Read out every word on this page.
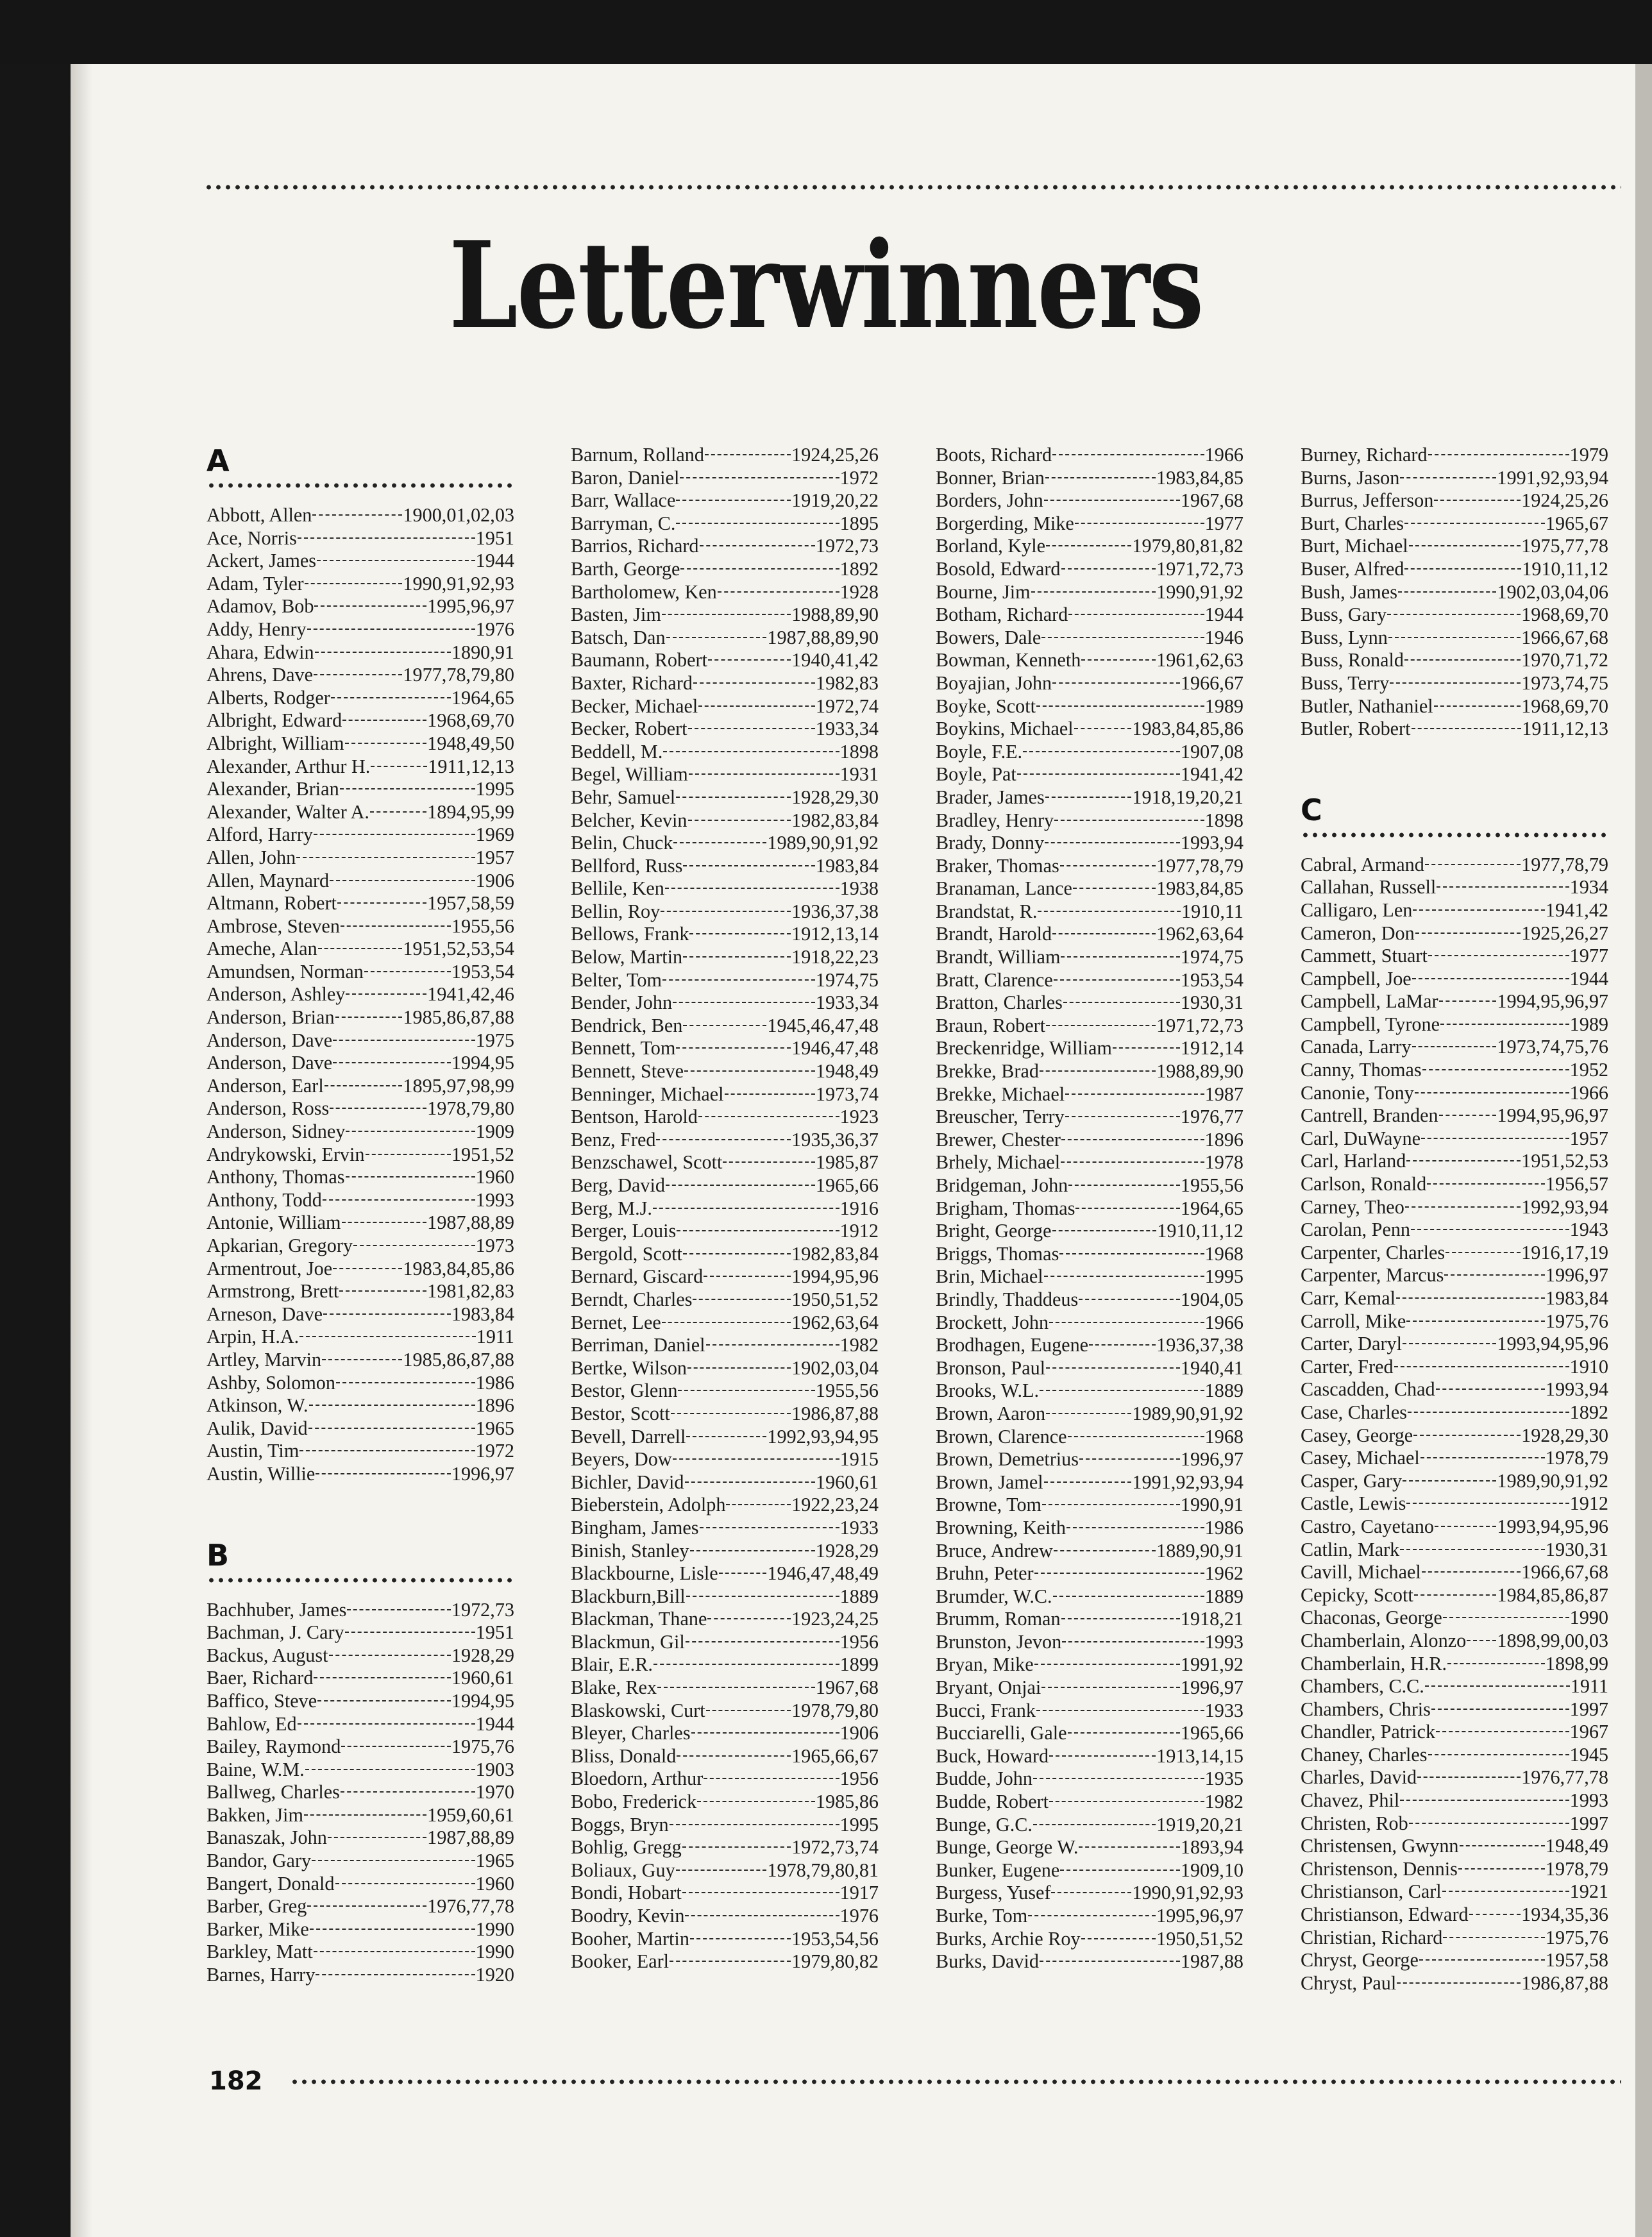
Letterwinners
A
Abbott, Allen	1900,01,02,03
Ace, Norris	1951
Ackert, James	1944
Adam, Tyler	1990,91,92,93
Adamov, Bob	1995,96,97
Addy, Henry	1976
Ahara, Edwin	1890,91
Ahrens, Dave	1977,78,79,80
Alberts, Rodger	1964,65
Albright, Edward	1968,69,70
Albright, William	1948,49,50
Alexander, Arthur H.	1911,12,13
Alexander, Brian	1995
Alexander, Walter A.	1894,95,99
Alford, Harry	1969
Allen, John	1957
Allen, Maynard	1906
Altmann, Robert	1957,58,59
Ambrose, Steven	1955,56
Ameche, Alan	1951,52,53,54
Amundsen, Norman	1953,54
Anderson, Ashley	1941,42,46
Anderson, Brian	1985,86,87,88
Anderson, Dave	1975
Anderson, Dave	1994,95
Anderson, Earl	1895,97,98,99
Anderson, Ross	1978,79,80
Anderson, Sidney	1909
Andrykowski, Ervin	1951,52
Anthony, Thomas	1960
Anthony, Todd	1993
Antonie, William	1987,88,89
Apkarian, Gregory	1973
Armentrout, Joe	1983,84,85,86
Armstrong, Brett	1981,82,83
Arneson, Dave	1983,84
Arpin, H.A.	1911
Artley, Marvin	1985,86,87,88
Ashby, Solomon	1986
Atkinson, W.	1896
Aulik, David	1965
Austin, Tim	1972
Austin, Willie	1996,97
B
Bachhuber, James	1972,73
Bachman, J. Cary	1951
Backus, August	1928,29
Baer, Richard	1960,61
Baffico, Steve	1994,95
Bahlow, Ed	1944
Bailey, Raymond	1975,76
Baine, W.M.	1903
Ballweg, Charles	1970
Bakken, Jim	1959,60,61
Banaszak, John	1987,88,89
Bandor, Gary	1965
Bangert, Donald	1960
Barber, Greg	1976,77,78
Barker, Mike	1990
Barkley, Matt	1990
Barnes, Harry	1920
Barnum, Rolland	1924,25,26
Baron, Daniel	1972
Barr, Wallace	1919,20,22
Barryman, C.	1895
Barrios, Richard	1972,73
Barth, George	1892
Bartholomew, Ken	1928
Basten, Jim	1988,89,90
Batsch, Dan	1987,88,89,90
Baumann, Robert	1940,41,42
Baxter, Richard	1982,83
Becker, Michael	1972,74
Becker, Robert	1933,34
Beddell, M.	1898
Begel, William	1931
Behr, Samuel	1928,29,30
Belcher, Kevin	1982,83,84
Belin, Chuck	1989,90,91,92
Bellford, Russ	1983,84
Bellile, Ken	1938
Bellin, Roy	1936,37,38
Bellows, Frank	1912,13,14
Below, Martin	1918,22,23
Belter, Tom	1974,75
Bender, John	1933,34
Bendrick, Ben	1945,46,47,48
Bennett, Tom	1946,47,48
Bennett, Steve	1948,49
Benninger, Michael	1973,74
Bentson, Harold	1923
Benz, Fred	1935,36,37
Benzschawel, Scott	1985,87
Berg, David	1965,66
Berg, M.J.	1916
Berger, Louis	1912
Bergold, Scott	1982,83,84
Bernard, Giscard	1994,95,96
Berndt, Charles	1950,51,52
Bernet, Lee	1962,63,64
Berriman, Daniel	1982
Bertke, Wilson	1902,03,04
Bestor, Glenn	1955,56
Bestor, Scott	1986,87,88
Bevell, Darrell	1992,93,94,95
Beyers, Dow	1915
Bichler, David	1960,61
Bieberstein, Adolph	1922,23,24
Bingham, James	1933
Binish, Stanley	1928,29
Blackbourne, Lisle	1946,47,48,49
Blackburn,Bill	1889
Blackman, Thane	1923,24,25
Blackmun, Gil	1956
Blair, E.R.	1899
Blake, Rex	1967,68
Blaskowski, Curt	1978,79,80
Bleyer, Charles	1906
Bliss, Donald	1965,66,67
Bloedorn, Arthur	1956
Bobo, Frederick	1985,86
Boggs, Bryn	1995
Bohlig, Gregg	1972,73,74
Boliaux, Guy	1978,79,80,81
Bondi, Hobart	1917
Boodry, Kevin	1976
Booher, Martin	1953,54,56
Booker, Earl	1979,80,82
Boots, Richard	1966
Bonner, Brian	1983,84,85
Borders, John	1967,68
Borgerding, Mike	1977
Borland, Kyle	1979,80,81,82
Bosold, Edward	1971,72,73
Bourne, Jim	1990,91,92
Botham, Richard	1944
Bowers, Dale	1946
Bowman, Kenneth	1961,62,63
Boyajian, John	1966,67
Boyke, Scott	1989
Boykins, Michael	1983,84,85,86
Boyle, F.E.	1907,08
Boyle, Pat	1941,42
Brader, James	1918,19,20,21
Bradley, Henry	1898
Brady, Donny	1993,94
Braker, Thomas	1977,78,79
Branaman, Lance	1983,84,85
Brandstat, R.	1910,11
Brandt, Harold	1962,63,64
Brandt, William	1974,75
Bratt, Clarence	1953,54
Bratton, Charles	1930,31
Braun, Robert	1971,72,73
Breckenridge, William	1912,14
Brekke, Brad	1988,89,90
Brekke, Michael	1987
Breuscher, Terry	1976,77
Brewer, Chester	1896
Brhely, Michael	1978
Bridgeman, John	1955,56
Brigham, Thomas	1964,65
Bright, George	1910,11,12
Briggs, Thomas	1968
Brin, Michael	1995
Brindly, Thaddeus	1904,05
Brockett, John	1966
Brodhagen, Eugene	1936,37,38
Bronson, Paul	1940,41
Brooks, W.L.	1889
Brown, Aaron	1989,90,91,92
Brown, Clarence	1968
Brown, Demetrius	1996,97
Brown, Jamel	1991,92,93,94
Browne, Tom	1990,91
Browning, Keith	1986
Bruce, Andrew	1889,90,91
Bruhn, Peter	1962
Brumder, W.C.	1889
Brumm, Roman	1918,21
Brunston, Jevon	1993
Bryan, Mike	1991,92
Bryant, Onjai	1996,97
Bucci, Frank	1933
Bucciarelli, Gale	1965,66
Buck, Howard	1913,14,15
Budde, John	1935
Budde, Robert	1982
Bunge, G.C.	1919,20,21
Bunge, George W.	1893,94
Bunker, Eugene	1909,10
Burgess, Yusef	1990,91,92,93
Burke, Tom	1995,96,97
Burks, Archie Roy	1950,51,52
Burks, David	1987,88
Burney, Richard	1979
Burns, Jason	1991,92,93,94
Burrus, Jefferson	1924,25,26
Burt, Charles	1965,67
Burt, Michael	1975,77,78
Buser, Alfred	1910,11,12
Bush, James	1902,03,04,06
Buss, Gary	1968,69,70
Buss, Lynn	1966,67,68
Buss, Ronald	1970,71,72
Buss, Terry	1973,74,75
Butler, Nathaniel	1968,69,70
Butler, Robert	1911,12,13
C
Cabral, Armand	1977,78,79
Callahan, Russell	1934
Calligaro, Len	1941,42
Cameron, Don	1925,26,27
Cammett, Stuart	1977
Campbell, Joe	1944
Campbell, LaMar	1994,95,96,97
Campbell, Tyrone	1989
Canada, Larry	1973,74,75,76
Canny, Thomas	1952
Canonie, Tony	1966
Cantrell, Branden	1994,95,96,97
Carl, DuWayne	1957
Carl, Harland	1951,52,53
Carlson, Ronald	1956,57
Carney, Theo	1992,93,94
Carolan, Penn	1943
Carpenter, Charles	1916,17,19
Carpenter, Marcus	1996,97
Carr, Kemal	1983,84
Carroll, Mike	1975,76
Carter, Daryl	1993,94,95,96
Carter, Fred	1910
Cascadden, Chad	1993,94
Case, Charles	1892
Casey, George	1928,29,30
Casey, Michael	1978,79
Casper, Gary	1989,90,91,92
Castle, Lewis	1912
Castro, Cayetano	1993,94,95,96
Catlin, Mark	1930,31
Cavill, Michael	1966,67,68
Cepicky, Scott	1984,85,86,87
Chaconas, George	1990
Chamberlain, Alonzo 1898,99,00,03
Chamberlain, H.R.	1898,99
Chambers, C.C.	1911
Chambers, Chris	1997
Chandler, Patrick	1967
Chaney, Charles	1945
Charles, David	1976,77,78
Chavez, Phil	1993
Christen, Rob	1997
Christensen, Gwynn	1948,49
Christenson, Dennis	1978,79
Christianson, Carl	1921
Christianson, Edward	1934,35,36
Christian, Richard	1975,76
Chryst, George	1957,58
Chryst, Paul	1986,87,88
182
